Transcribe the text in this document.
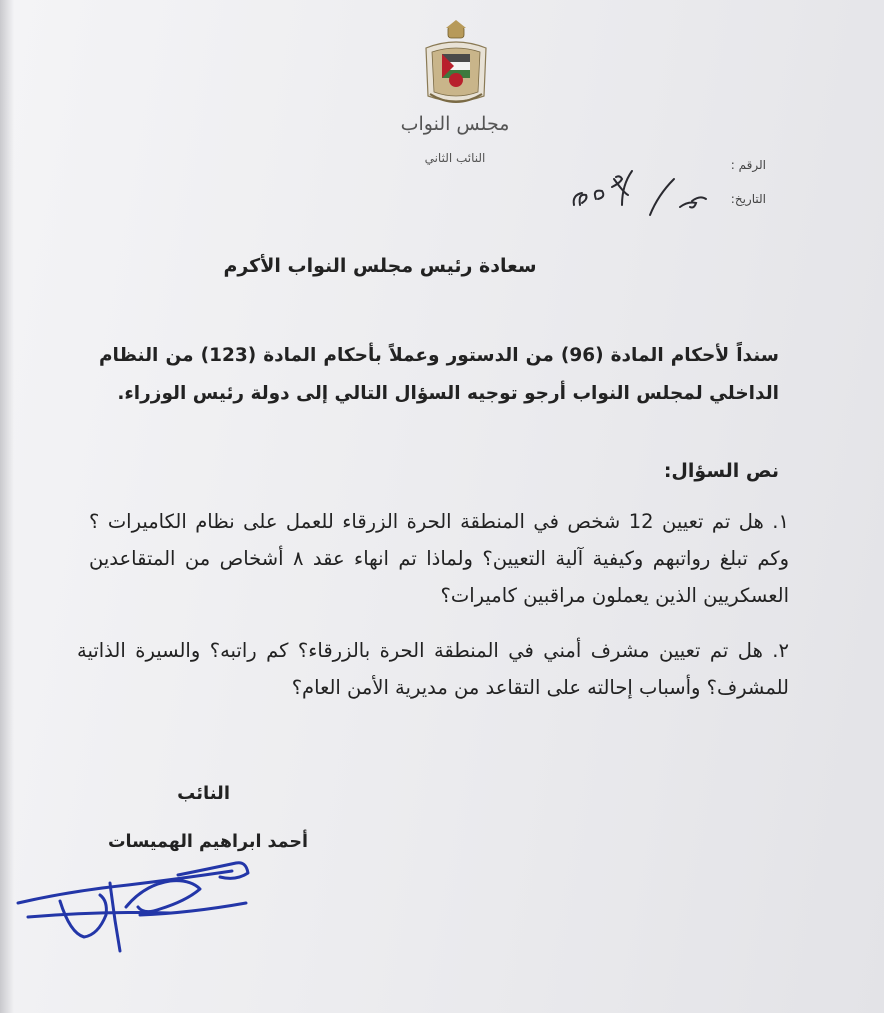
مجلس النواب
النائب الثاني	الرقم :
التاريخ:
سعادة رئيس مجلس النواب الأكرم
سنداً لأحكام المادة (96) من الدستور وعملاً بأحكام المادة (123) من النظام الداخلي لمجلس النواب أرجو توجيه السؤال التالي إلى دولة رئيس الوزراء.
نص السؤال:
١. هل تم تعيين 12 شخص في المنطقة الحرة الزرقاء للعمل على نظام الكاميرات ؟ وكم تبلغ رواتبهم وكيفية آلية التعيين؟ ولماذا تم انهاء عقد ٨ أشخاص من المتقاعدين العسكريين الذين يعملون مراقبين كاميرات؟
٢. هل تم تعيين مشرف أمني في المنطقة الحرة بالزرقاء؟ كم راتبه؟ والسيرة الذاتية للمشرف؟ وأسباب إحالته على التقاعد من مديرية الأمن العام؟
النائب
أحمد ابراهيم الهميسات
